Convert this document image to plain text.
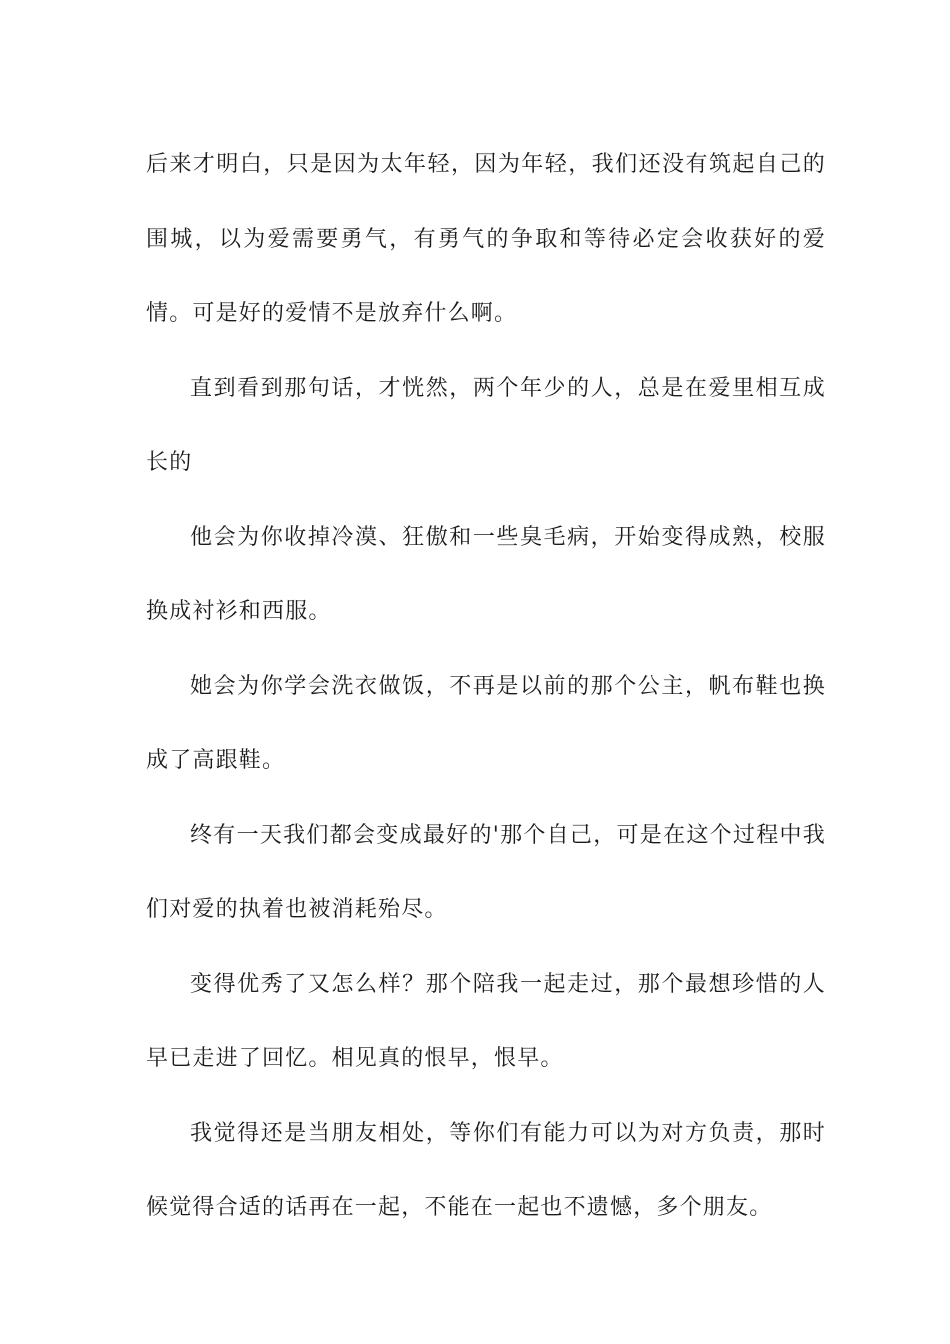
后来才明白，只是因为太年轻，因为年轻，我们还没有筑起自己的围城，以为爱需要勇气，有勇气的争取和等待必定会收获好的爱情。可是好的爱情不是放弃什么啊。

直到看到那句话，才恍然，两个年少的人，总是在爱里相互成长的

他会为你收掉冷漠、狂傲和一些臭毛病，开始变得成熟，校服换成衬衫和西服。

她会为你学会洗衣做饭，不再是以前的那个公主，帆布鞋也换成了高跟鞋。

终有一天我们都会变成最好的'那个自己，可是在这个过程中我们对爱的执着也被消耗殆尽。

变得优秀了又怎么样？那个陪我一起走过，那个最想珍惜的人早已走进了回忆。相见真的恨早，恨早。

我觉得还是当朋友相处，等你们有能力可以为对方负责，那时候觉得合适的话再在一起，不能在一起也不遗憾，多个朋友。
